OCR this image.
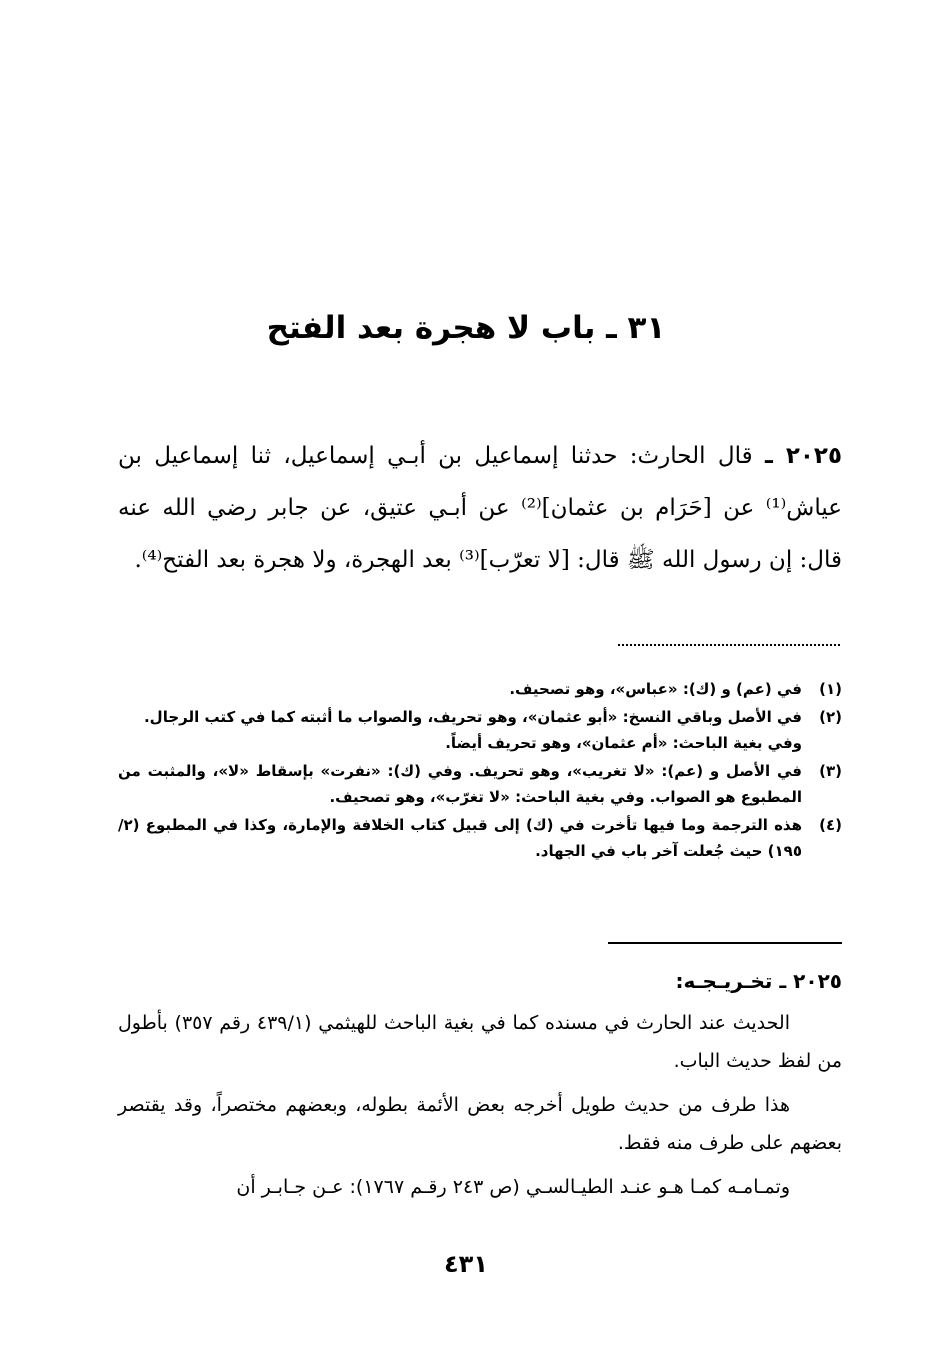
٣١ ـ باب لا هجرة بعد الفتح

٢٠٢٥ ـ قال الحارث: حدثنا إسماعيل بن أبـي إسماعيل، ثنا إسماعيل بن عياش⁽¹⁾ عن [حَرَام بن عثمان]⁽²⁾ عن أبـي عتيق، عن جابر رضي الله عنه قال: إن رسول الله ﷺ قال: [لا تعرّب]⁽³⁾ بعد الهجرة، ولا هجرة بعد الفتح⁽⁴⁾.

(١)

في (عم) و (ك): «عباس»، وهو تصحيف.

(٢)

في الأصل وباقي النسخ: «أبو عثمان»، وهو تحريف، والصواب ما أثبته كما في كتب الرجال.

وفي بغية الباحث: «أم عثمان»، وهو تحريف أيضاً.

(٣)

في الأصل و (عم): «لا تغريب»، وهو تحريف. وفي (ك): «نفرت» بإسقاط «لا»، والمثبت من المطبوع هو الصواب. وفي بغية الباحث: «لا تغرّب»، وهو تصحيف.

(٤)

هذه الترجمة وما فيها تأخرت في (ك) إلى قبيل كتاب الخلافة والإمارة، وكذا في المطبوع (٢/ ١٩٥) حيث جُعلت آخر باب في الجهاد.

٢٠٢٥ ـ تخـريـجـه:

الحديث عند الحارث في مسنده كما في بغية الباحث للهيثمي (٤٣٩/١ رقم ٣٥٧) بأطول من لفظ حديث الباب.

هذا طرف من حديث طويل أخرجه بعض الأئمة بطوله، وبعضهم مختصراً، وقد يقتصر بعضهم على طرف منه فقط.

وتمـامـه كمـا هـو عنـد الطيـالسـي (ص ٢٤٣ رقـم ١٧٦٧): عـن جـابـر أن

٤٣١
